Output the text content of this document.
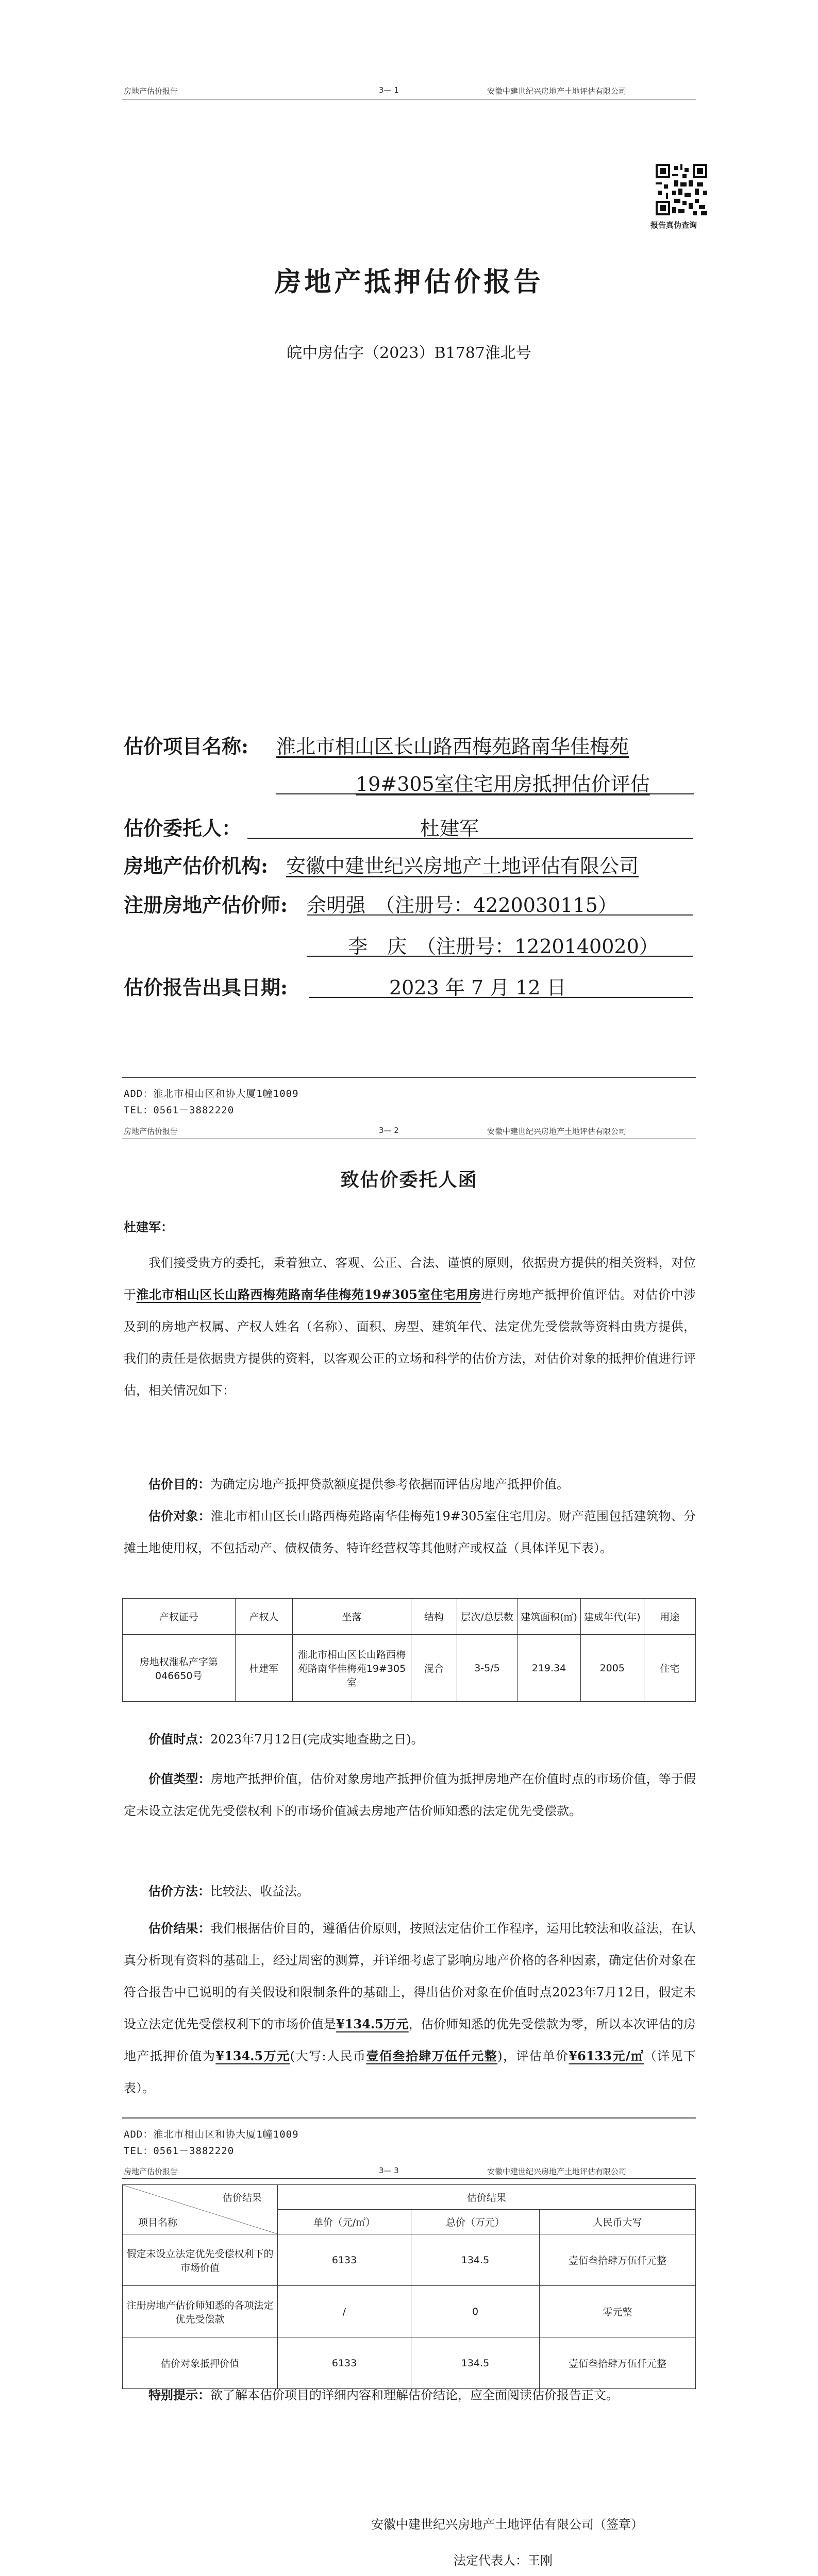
房地产估价报告	3— 1	安徽中建世纪兴房地产土地评估有限公司
报告真伪查询
房地产抵押估价报告
皖中房估字（2023）B1787淮北号
估价项目名称: 淮北市相山区长山路西梅苑路南华佳梅苑
19#305室住宅用房抵押估价评估
估价委托人：	杜建军
房地产估价机构: 安徽中建世纪兴房地产土地评估有限公司
注册房地产估价师: 余明强　（注册号：4220030115）
李　庆　（注册号：1220140020）
估价报告出具日期:	2023 年 7 月 12 日
ADD：淮北市相山区和协大厦1幢1009
TEL：0561－3882220
房地产估价报告	3— 2	安徽中建世纪兴房地产土地评估有限公司
致估价委托人函
杜建军：
我们接受贵方的委托，秉着独立、客观、公正、合法、谨慎的原则，依据贵方提供的相关资料，对位于淮北市相山区长山路西梅苑路南华佳梅苑19#305室住宅用房进行房地产抵押价值评估。对估价中涉及到的房地产权属、产权人姓名（名称）、面积、房型、建筑年代、法定优先受偿款等资料由贵方提供，我们的责任是依据贵方提供的资料，以客观公正的立场和科学的估价方法，对估价对象的抵押价值进行评估，相关情况如下：
估价目的：为确定房地产抵押贷款额度提供参考依据而评估房地产抵押价值。
估价对象：淮北市相山区长山路西梅苑路南华佳梅苑19#305室住宅用房。财产范围包括建筑物、分摊土地使用权，不包括动产、债权债务、特许经营权等其他财产或权益（具体详见下表）。
产权证号	产权人	坐落	结构	层次/总层数	建筑面积(㎡)	建成年代(年)	用途
房地权淮私产字第046650号	杜建军	淮北市相山区长山路西梅苑路南华佳梅苑19#305室	混合	3-5/5	219.34	2005	住宅
价值时点：2023年7月12日(完成实地查勘之日)。
价值类型：房地产抵押价值，估价对象房地产抵押价值为抵押房地产在价值时点的市场价值，等于假定未设立法定优先受偿权利下的市场价值减去房地产估价师知悉的法定优先受偿款。
估价方法：比较法、收益法。
估价结果：我们根据估价目的，遵循估价原则，按照法定估价工作程序，运用比较法和收益法，在认真分析现有资料的基础上，经过周密的测算，并详细考虑了影响房地产价格的各种因素，确定估价对象在符合报告中已说明的有关假设和限制条件的基础上，得出估价对象在价值时点2023年7月12日，假定未设立法定优先受偿权利下的市场价值是¥134.5万元，估价师知悉的优先受偿款为零，所以本次评估的房地产抵押价值为¥134.5万元(大写:人民币壹佰叁拾肆万伍仟元整)，评估单价¥6133元/㎡（详见下表）。
ADD：淮北市相山区和协大厦1幢1009
TEL：0561－3882220
房地产估价报告	3— 3	安徽中建世纪兴房地产土地评估有限公司
估价结果
项目名称	估价结果		
	单价（元/㎡）	总价（万元）	人民币大写
假定未设立法定优先受偿权利下的市场价值	6133	134.5	壹佰叁拾肆万伍仟元整
注册房地产估价师知悉的各项法定优先受偿款	/	0	零元整
估价对象抵押价值	6133	134.5	壹佰叁拾肆万伍仟元整
特别提示：欲了解本估价项目的详细内容和理解估价结论，应全面阅读估价报告正文。
安徽中建世纪兴房地产土地评估有限公司（签章）
法定代表人：王刚
